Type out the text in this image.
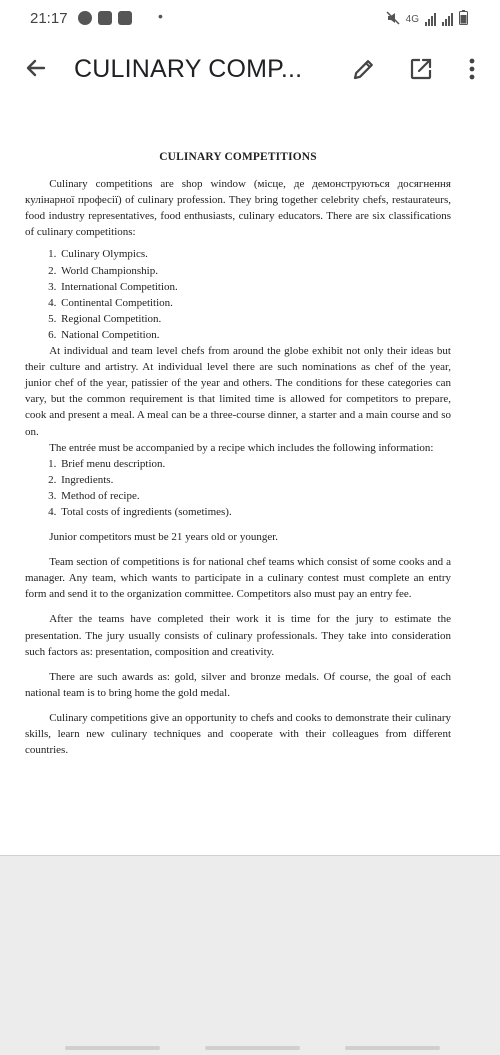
21:17	•	4G
CULINARY COMP...
CULINARY COMPETITIONS

Culinary competitions are shop window (місце, де демонструються досягнення кулінарної професії) of culinary profession. They bring together celebrity chefs, restaurateurs, food industry representatives, food enthusiasts, culinary educators. There are six classifications of culinary competitions:

1. Culinary Olympics.
2. World Championship.
3. International Competition.
4. Continental Competition.
5. Regional Competition.
6. National Competition.

At individual and team level chefs from around the globe exhibit not only their ideas but their culture and artistry. At individual level there are such nominations as chef of the year, junior chef of the year, patissier of the year and others. The conditions for these categories can vary, but the common requirement is that limited time is allowed for competitors to prepare, cook and present a meal. A meal can be a three-course dinner, a starter and a main course and so on.

The entrée must be accompanied by a recipe which includes the following information:

1. Brief menu description.
2. Ingredients.
3. Method of recipe.
4. Total costs of ingredients (sometimes).

Junior competitors must be 21 years old or younger.

Team section of competitions is for national chef teams which consist of some cooks and a manager. Any team, which wants to participate in a culinary contest must complete an entry form and send it to the organization committee. Competitors also must pay an entry fee.

After the teams have completed their work it is time for the jury to estimate the presentation. The jury usually consists of culinary professionals. They take into consideration such factors as: presentation, composition and creativity.

There are such awards as: gold, silver and bronze medals. Of course, the goal of each national team is to bring home the gold medal.

Culinary competitions give an opportunity to chefs and cooks to demonstrate their culinary skills, learn new culinary techniques and cooperate with their colleagues from different countries.
